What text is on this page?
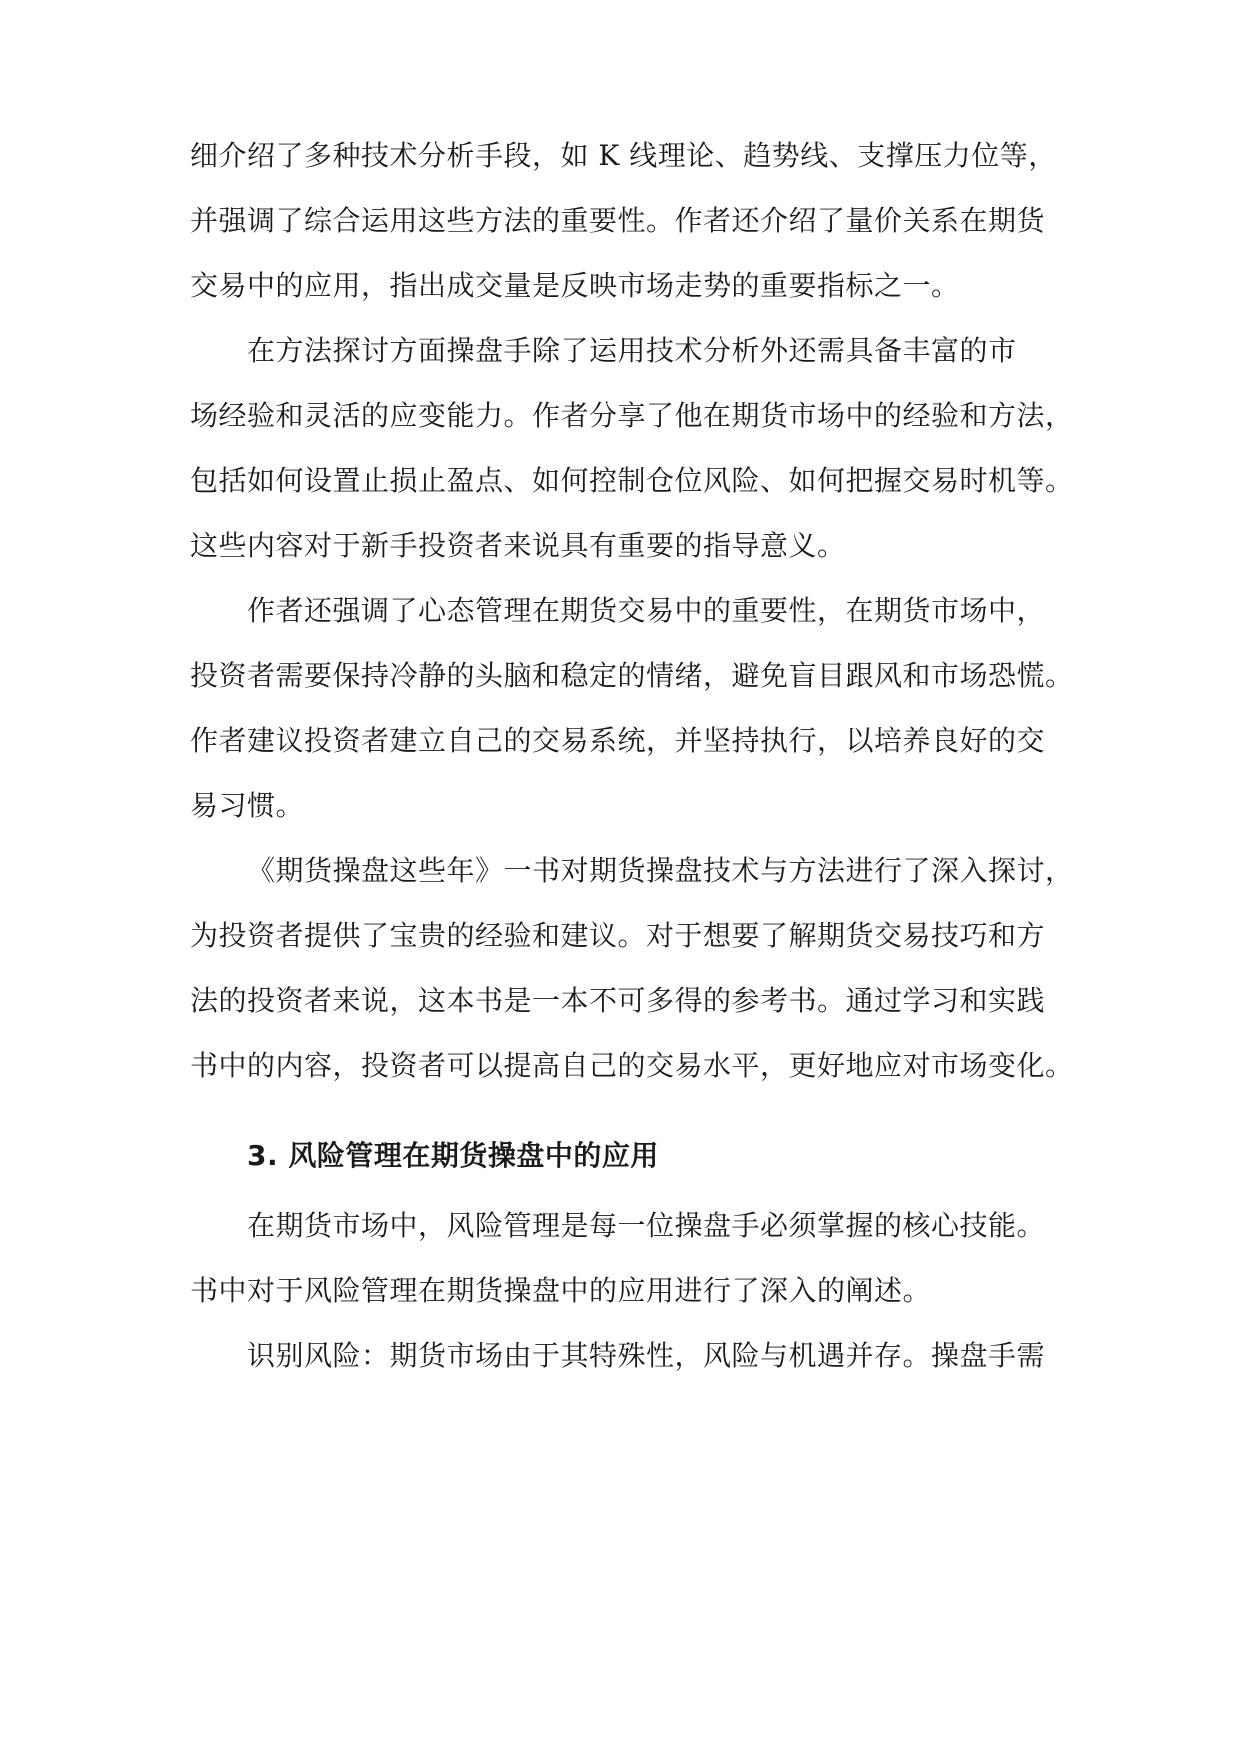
细介绍了多种技术分析手段，如 K 线理论、趋势线、支撑压力位等，
并强调了综合运用这些方法的重要性。作者还介绍了量价关系在期货
交易中的应用，指出成交量是反映市场走势的重要指标之一。
在方法探讨方面操盘手除了运用技术分析外还需具备丰富的市
场经验和灵活的应变能力。作者分享了他在期货市场中的经验和方法，
包括如何设置止损止盈点、如何控制仓位风险、如何把握交易时机等。
这些内容对于新手投资者来说具有重要的指导意义。
作者还强调了心态管理在期货交易中的重要性，在期货市场中，
投资者需要保持冷静的头脑和稳定的情绪，避免盲目跟风和市场恐慌。
作者建议投资者建立自己的交易系统，并坚持执行，以培养良好的交
易习惯。
《期货操盘这些年》一书对期货操盘技术与方法进行了深入探讨，
为投资者提供了宝贵的经验和建议。对于想要了解期货交易技巧和方
法的投资者来说，这本书是一本不可多得的参考书。通过学习和实践
书中的内容，投资者可以提高自己的交易水平，更好地应对市场变化。
3. 风险管理在期货操盘中的应用
在期货市场中，风险管理是每一位操盘手必须掌握的核心技能。
书中对于风险管理在期货操盘中的应用进行了深入的阐述。
识别风险：期货市场由于其特殊性，风险与机遇并存。操盘手需
